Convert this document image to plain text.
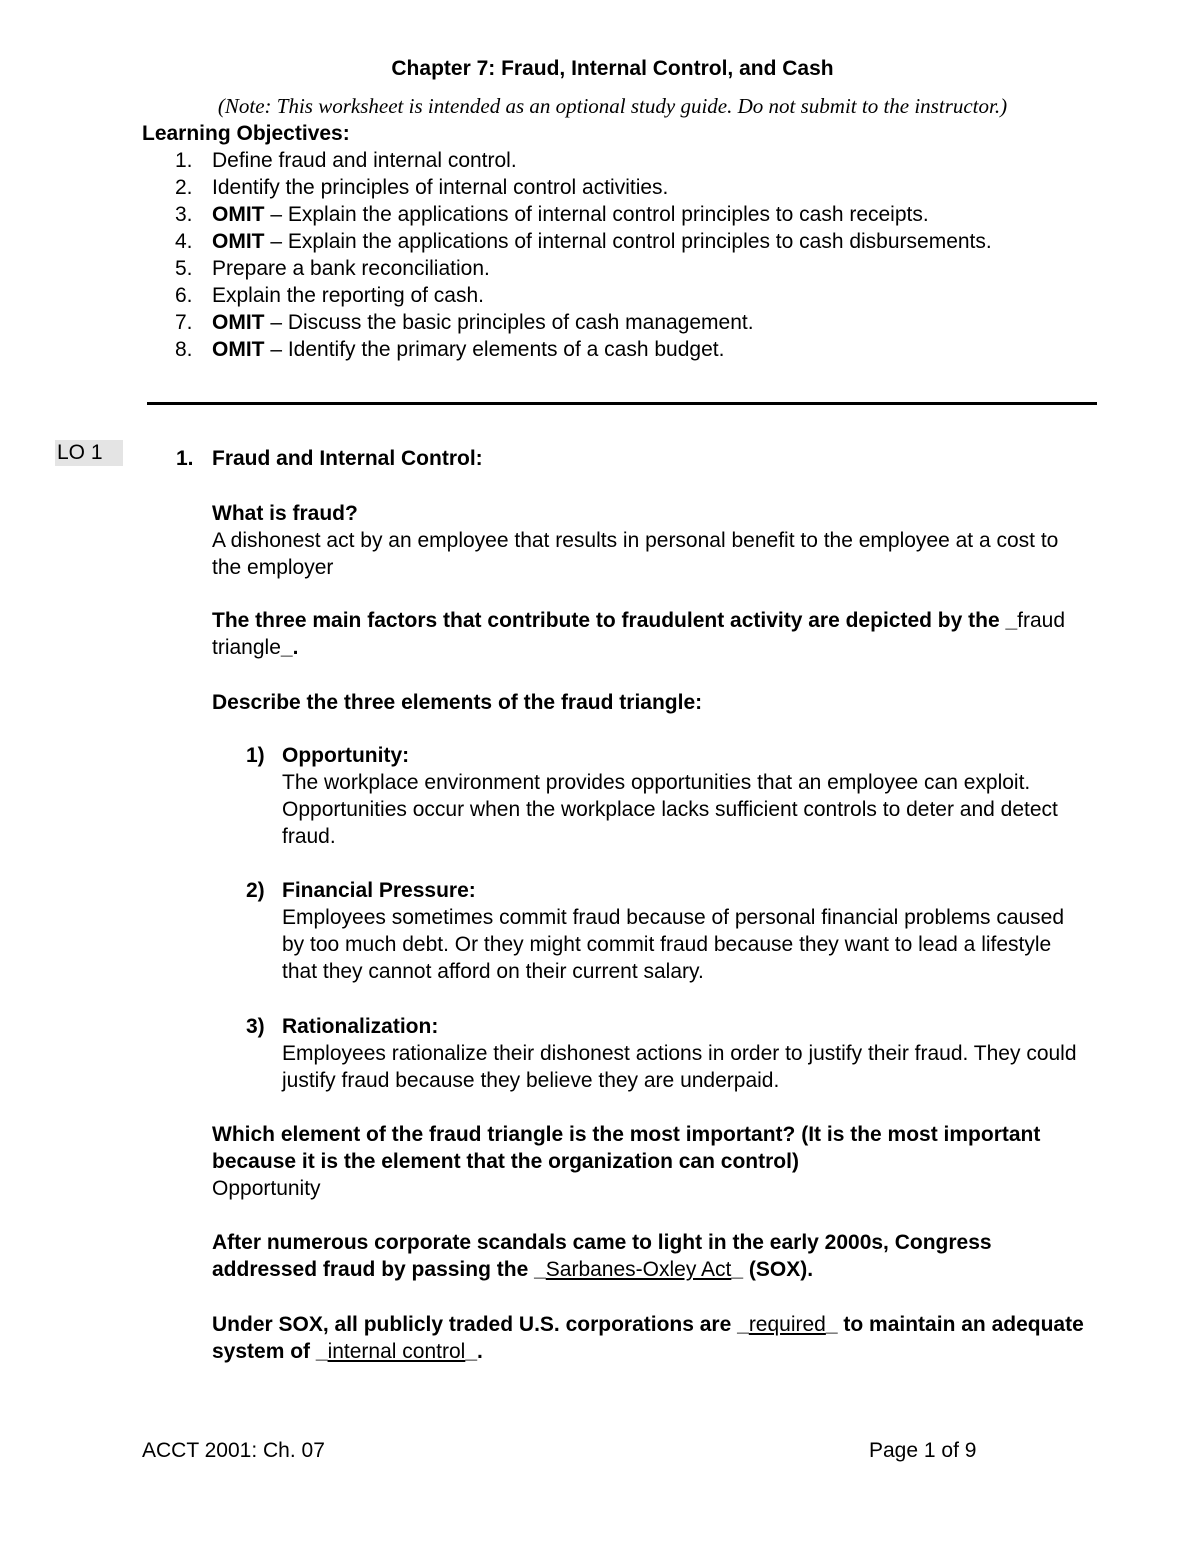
Chapter 7: Fraud, Internal Control, and Cash
(Note: This worksheet is intended as an optional study guide. Do not submit to the instructor.)
Learning Objectives:
1. Define fraud and internal control.
2. Identify the principles of internal control activities.
3. OMIT – Explain the applications of internal control principles to cash receipts.
4. OMIT – Explain the applications of internal control principles to cash disbursements.
5. Prepare a bank reconciliation.
6. Explain the reporting of cash.
7. OMIT – Discuss the basic principles of cash management.
8. OMIT – Identify the primary elements of a cash budget.
LO 1	1. Fraud and Internal Control:
What is fraud?
A dishonest act by an employee that results in personal benefit to the employee at a cost to the employer
The three main factors that contribute to fraudulent activity are depicted by the _fraud triangle_.
Describe the three elements of the fraud triangle:
1) Opportunity:
The workplace environment provides opportunities that an employee can exploit. Opportunities occur when the workplace lacks sufficient controls to deter and detect fraud.
2) Financial Pressure:
Employees sometimes commit fraud because of personal financial problems caused by too much debt. Or they might commit fraud because they want to lead a lifestyle that they cannot afford on their current salary.
3) Rationalization:
Employees rationalize their dishonest actions in order to justify their fraud. They could justify fraud because they believe they are underpaid.
Which element of the fraud triangle is the most important? (It is the most important because it is the element that the organization can control)
Opportunity
After numerous corporate scandals came to light in the early 2000s, Congress addressed fraud by passing the _Sarbanes-Oxley Act_ (SOX).
Under SOX, all publicly traded U.S. corporations are _required_ to maintain an adequate system of _internal control_.
ACCT 2001: Ch. 07	Page 1 of 9
